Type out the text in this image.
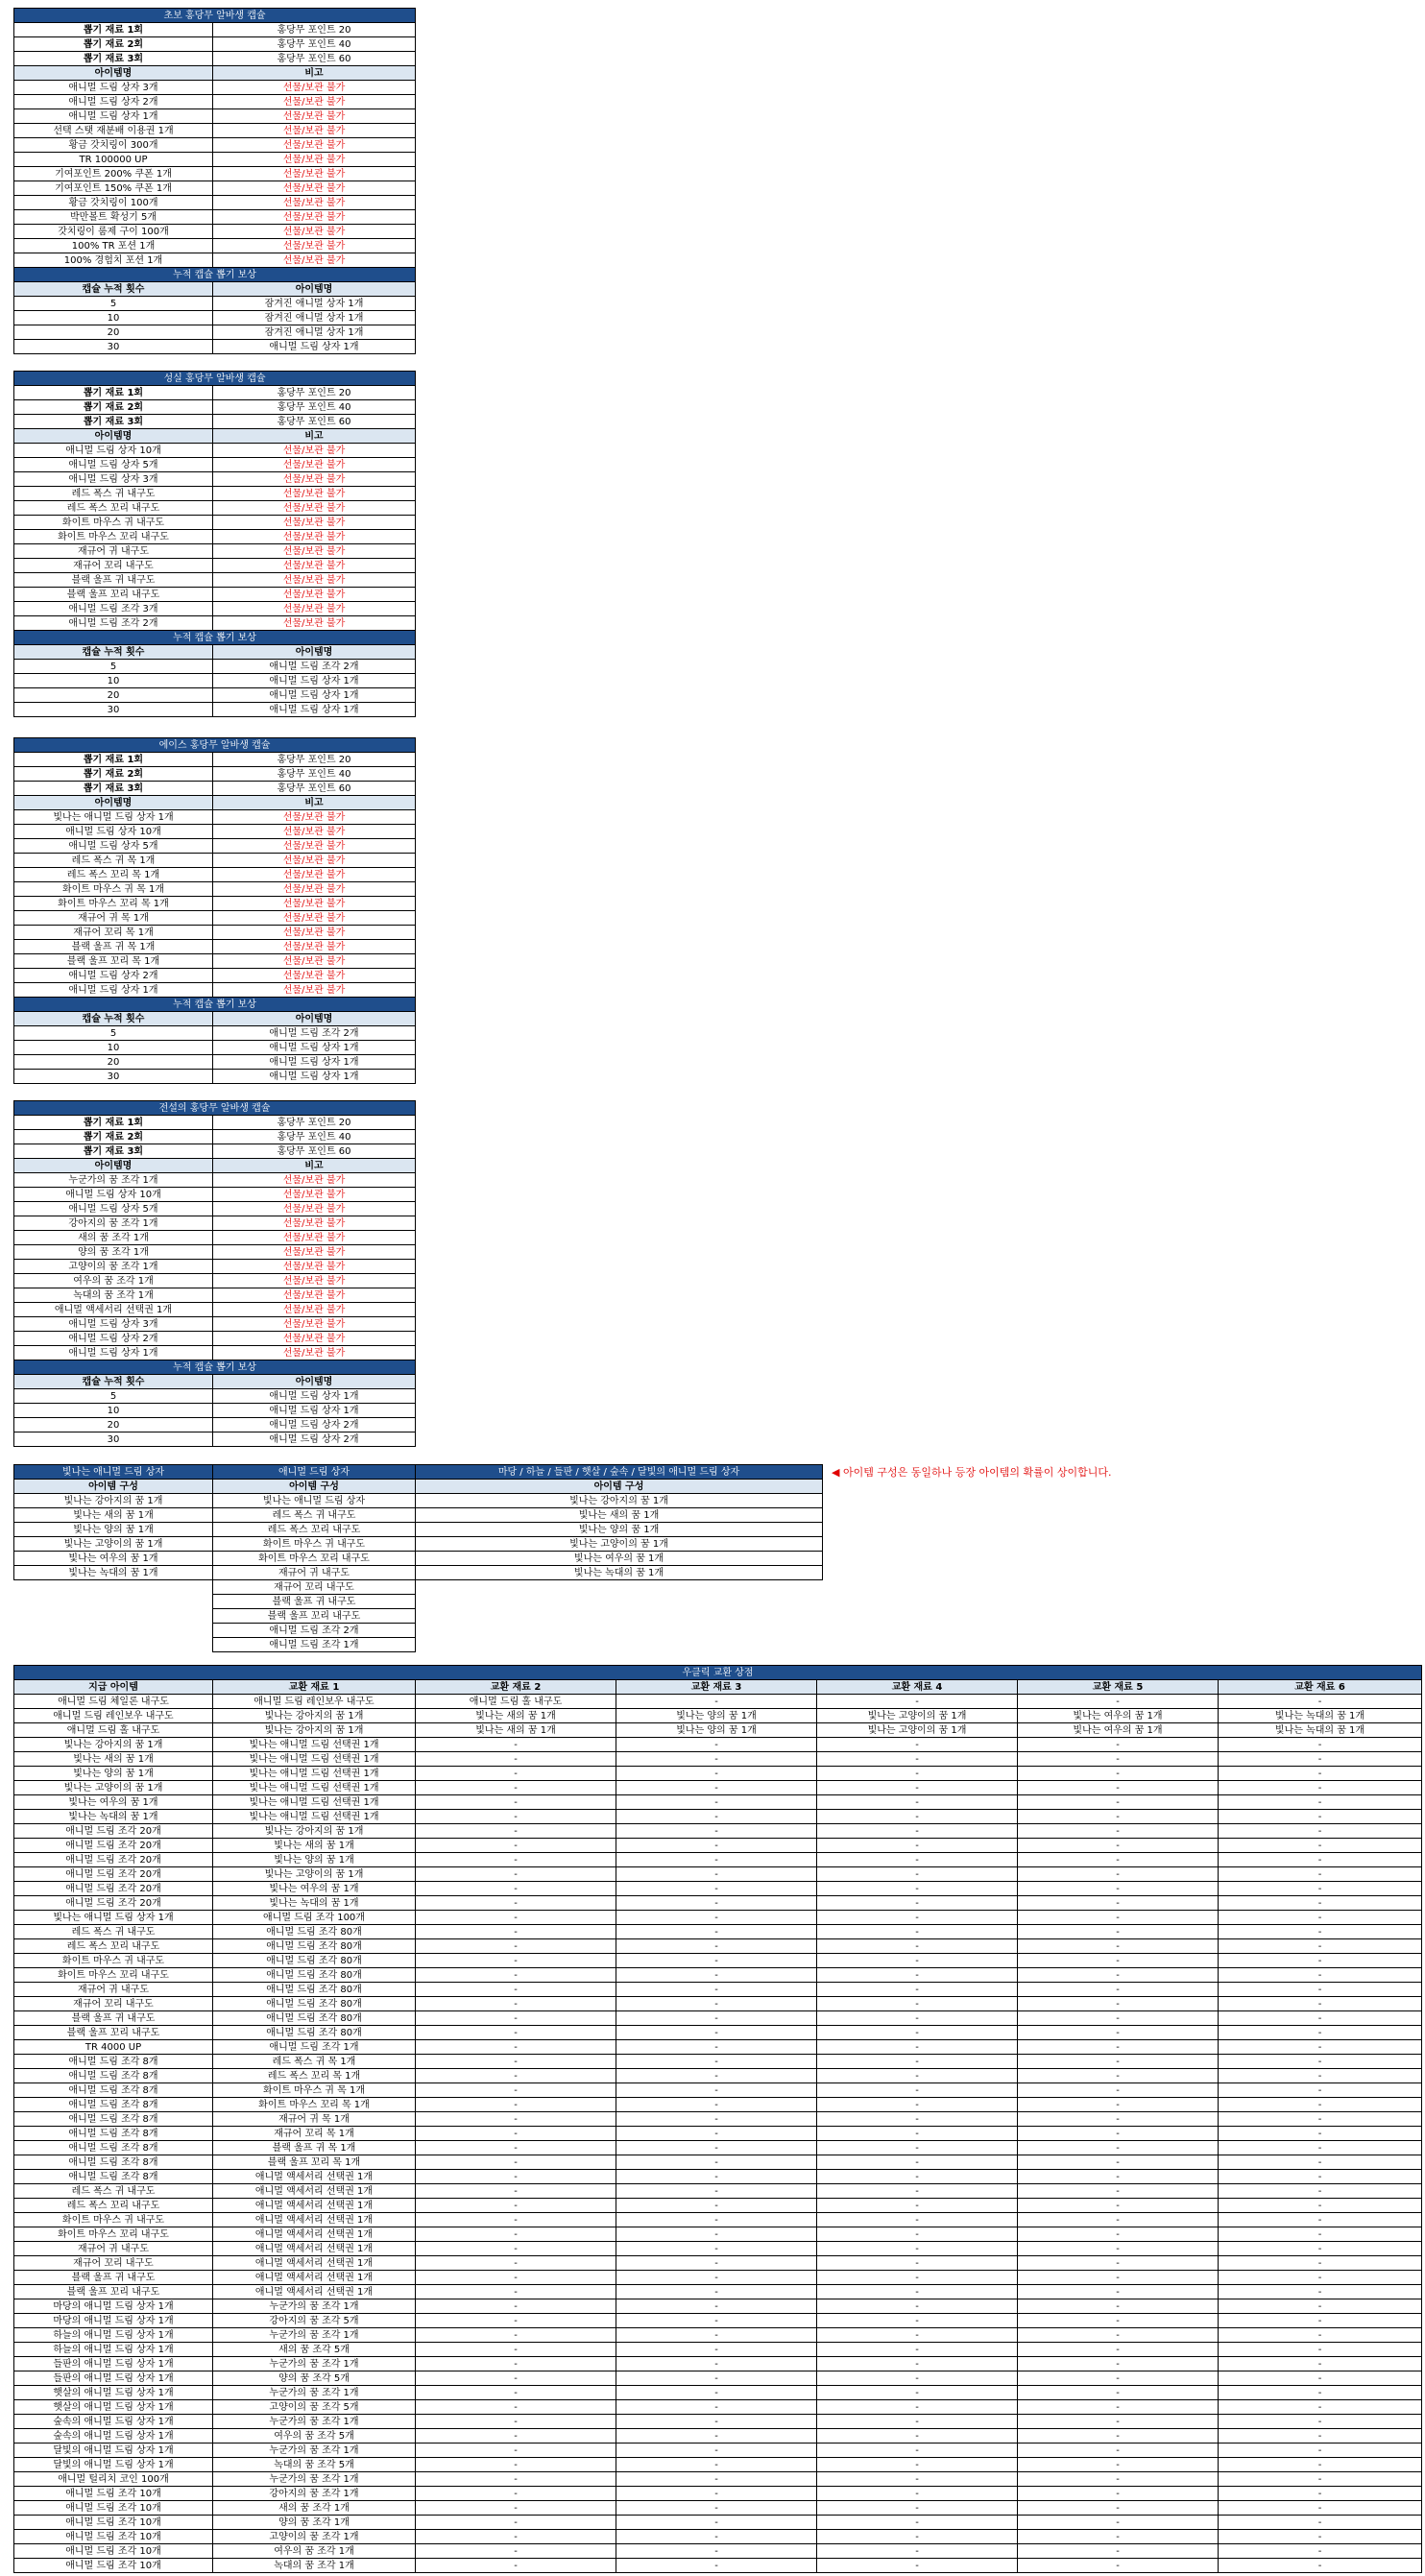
초보 홍당무 알바생 캡슐	
뽑기 재료 1회	홍당무 포인트 20
뽑기 재료 2회	홍당무 포인트 40
뽑기 재료 3회	홍당무 포인트 60
아이템명	비고
애니멀 드림 상자 3개	선물/보관 불가
애니멀 드림 상자 2개	선물/보관 불가
애니멀 드림 상자 1개	선물/보관 불가
선택 스탯 재분배 이용권 1개	선물/보관 불가
황금 갓치링이 300개	선물/보관 불가
TR 100000 UP	선물/보관 불가
기여포인트 200% 쿠폰 1개	선물/보관 불가
기여포인트 150% 쿠폰 1개	선물/보관 불가
황금 갓치링이 100개	선물/보관 불가
박만볼트 확성기 5개	선물/보관 불가
갓치링이 룸제 구이 100개	선물/보관 불가
100% TR 포션 1개	선물/보관 불가
100% 경험치 포션 1개	선물/보관 불가
누적 캡슐 뽑기 보상	
캡슐 누적 횟수	아이템명
5	잠겨진 애니멀 상자 1개
10	잠겨진 애니멀 상자 1개
20	잠겨진 애니멀 상자 1개
30	애니멀 드림 상자 1개
성실 홍당무 알바생 캡슐	
뽑기 재료 1회	홍당무 포인트 20
뽑기 재료 2회	홍당무 포인트 40
뽑기 재료 3회	홍당무 포인트 60
아이템명	비고
애니멀 드림 상자 10개	선물/보관 불가
애니멀 드림 상자 5개	선물/보관 불가
애니멀 드림 상자 3개	선물/보관 불가
레드 폭스 귀 내구도	선물/보관 불가
레드 폭스 꼬리 내구도	선물/보관 불가
화이트 마우스 귀 내구도	선물/보관 불가
화이트 마우스 꼬리 내구도	선물/보관 불가
재규어 귀 내구도	선물/보관 불가
재규어 꼬리 내구도	선물/보관 불가
블랙 울프 귀 내구도	선물/보관 불가
블랙 울프 꼬리 내구도	선물/보관 불가
애니멀 드림 조각 3개	선물/보관 불가
애니멀 드림 조각 2개	선물/보관 불가
누적 캡슐 뽑기 보상	
캡슐 누적 횟수	아이템명
5	애니멀 드림 조각 2개
10	애니멀 드림 상자 1개
20	애니멀 드림 상자 1개
30	애니멀 드림 상자 1개
에이스 홍당무 알바생 캡슐	
뽑기 재료 1회	홍당무 포인트 20
뽑기 재료 2회	홍당무 포인트 40
뽑기 재료 3회	홍당무 포인트 60
아이템명	비고
빛나는 애니멀 드림 상자 1개	선물/보관 불가
애니멀 드림 상자 10개	선물/보관 불가
애니멀 드림 상자 5개	선물/보관 불가
레드 폭스 귀 목 1개	선물/보관 불가
레드 폭스 꼬리 목 1개	선물/보관 불가
화이트 마우스 귀 목 1개	선물/보관 불가
화이트 마우스 꼬리 목 1개	선물/보관 불가
재규어 귀 목 1개	선물/보관 불가
재규어 꼬리 목 1개	선물/보관 불가
블랙 울프 귀 목 1개	선물/보관 불가
블랙 울프 꼬리 목 1개	선물/보관 불가
애니멀 드림 상자 2개	선물/보관 불가
애니멀 드림 상자 1개	선물/보관 불가
누적 캡슐 뽑기 보상	
캡슐 누적 횟수	아이템명
5	애니멀 드림 조각 2개
10	애니멀 드림 상자 1개
20	애니멀 드림 상자 1개
30	애니멀 드림 상자 1개
전설의 홍당무 알바생 캡슐	
뽑기 재료 1회	홍당무 포인트 20
뽑기 재료 2회	홍당무 포인트 40
뽑기 재료 3회	홍당무 포인트 60
아이템명	비고
누군가의 꿈 조각 1개	선물/보관 불가
애니멀 드림 상자 10개	선물/보관 불가
애니멀 드림 상자 5개	선물/보관 불가
강아지의 꿈 조각 1개	선물/보관 불가
새의 꿈 조각 1개	선물/보관 불가
양의 꿈 조각 1개	선물/보관 불가
고양이의 꿈 조각 1개	선물/보관 불가
여우의 꿈 조각 1개	선물/보관 불가
녹대의 꿈 조각 1개	선물/보관 불가
애니멀 액세서리 선택권 1개	선물/보관 불가
애니멀 드림 상자 3개	선물/보관 불가
애니멀 드림 상자 2개	선물/보관 불가
애니멀 드림 상자 1개	선물/보관 불가
누적 캡슐 뽑기 보상	
캡슐 누적 횟수	아이템명
5	애니멀 드림 상자 1개
10	애니멀 드림 상자 1개
20	애니멀 드림 상자 2개
30	애니멀 드림 상자 2개
빛나는 애니멀 드림 상자	애니멀 드림 상자	마당 / 하늘 / 들판 / 햇살 / 숲속 / 달빛의 애니멀 드림 상자
아이템 구성	아이템 구성	아이템 구성
빛나는 강아지의 꿈 1개	빛나는 애니멀 드림 상자	빛나는 강아지의 꿈 1개
빛나는 새의 꿈 1개	레드 폭스 귀 내구도	빛나는 새의 꿈 1개
빛나는 양의 꿈 1개	레드 폭스 꼬리 내구도	빛나는 양의 꿈 1개
빛나는 고양이의 꿈 1개	화이트 마우스 귀 내구도	빛나는 고양이의 꿈 1개
빛나는 여우의 꿈 1개	화이트 마우스 꼬리 내구도	빛나는 여우의 꿈 1개
빛나는 녹대의 꿈 1개	재규어 귀 내구도	빛나는 녹대의 꿈 1개
	재규어 꼬리 내구도	
	블랙 울프 귀 내구도	
	블랙 울프 꼬리 내구도	
	애니멀 드림 조각 2개	
	애니멀 드림 조각 1개	
◀ 아이템 구성은 동일하나 등장 아이템의 확률이 상이합니다.
우클릭 교환 상점						
지급 아이템	교환 재료 1	교환 재료 2	교환 재료 3	교환 재료 4	교환 재료 5	교환 재료 6
애니멀 드림 체일론 내구도	애니멀 드림 레인보우 내구도	애니멀 드림 홀 내구도	-	-	-	-
애니멀 드림 레인보우 내구도	빛나는 강아지의 꿈 1개	빛나는 새의 꿈 1개	빛나는 양의 꿈 1개	빛나는 고양이의 꿈 1개	빛나는 여우의 꿈 1개	빛나는 녹대의 꿈 1개
애니멀 드림 홀 내구도	빛나는 강아지의 꿈 1개	빛나는 새의 꿈 1개	빛나는 양의 꿈 1개	빛나는 고양이의 꿈 1개	빛나는 여우의 꿈 1개	빛나는 녹대의 꿈 1개
빛나는 강아지의 꿈 1개	빛나는 애니멀 드림 선택권 1개	-	-	-	-	-
빛나는 새의 꿈 1개	빛나는 애니멀 드림 선택권 1개	-	-	-	-	-
빛나는 양의 꿈 1개	빛나는 애니멀 드림 선택권 1개	-	-	-	-	-
빛나는 고양이의 꿈 1개	빛나는 애니멀 드림 선택권 1개	-	-	-	-	-
빛나는 여우의 꿈 1개	빛나는 애니멀 드림 선택권 1개	-	-	-	-	-
빛나는 녹대의 꿈 1개	빛나는 애니멀 드림 선택권 1개	-	-	-	-	-
애니멀 드림 조각 20개	빛나는 강아지의 꿈 1개	-	-	-	-	-
애니멀 드림 조각 20개	빛나는 새의 꿈 1개	-	-	-	-	-
애니멀 드림 조각 20개	빛나는 양의 꿈 1개	-	-	-	-	-
애니멀 드림 조각 20개	빛나는 고양이의 꿈 1개	-	-	-	-	-
애니멀 드림 조각 20개	빛나는 여우의 꿈 1개	-	-	-	-	-
애니멀 드림 조각 20개	빛나는 녹대의 꿈 1개	-	-	-	-	-
빛나는 애니멀 드림 상자 1개	애니멀 드림 조각 100개	-	-	-	-	-
레드 폭스 귀 내구도	애니멀 드림 조각 80개	-	-	-	-	-
레드 폭스 꼬리 내구도	애니멀 드림 조각 80개	-	-	-	-	-
화이트 마우스 귀 내구도	애니멀 드림 조각 80개	-	-	-	-	-
화이트 마우스 꼬리 내구도	애니멀 드림 조각 80개	-	-	-	-	-
재규어 귀 내구도	애니멀 드림 조각 80개	-	-	-	-	-
재규어 꼬리 내구도	애니멀 드림 조각 80개	-	-	-	-	-
블랙 울프 귀 내구도	애니멀 드림 조각 80개	-	-	-	-	-
블랙 울프 꼬리 내구도	애니멀 드림 조각 80개	-	-	-	-	-
TR 4000 UP	애니멀 드림 조각 1개	-	-	-	-	-
애니멀 드림 조각 8개	레드 폭스 귀 목 1개	-	-	-	-	-
애니멀 드림 조각 8개	레드 폭스 꼬리 목 1개	-	-	-	-	-
애니멀 드림 조각 8개	화이트 마우스 귀 목 1개	-	-	-	-	-
애니멀 드림 조각 8개	화이트 마우스 꼬리 목 1개	-	-	-	-	-
애니멀 드림 조각 8개	재규어 귀 목 1개	-	-	-	-	-
애니멀 드림 조각 8개	재규어 꼬리 목 1개	-	-	-	-	-
애니멀 드림 조각 8개	블랙 울프 귀 목 1개	-	-	-	-	-
애니멀 드림 조각 8개	블랙 울프 꼬리 목 1개	-	-	-	-	-
애니멀 드림 조각 8개	애니멀 액세서리 선택권 1개	-	-	-	-	-
레드 폭스 귀 내구도	애니멀 액세서리 선택권 1개	-	-	-	-	-
레드 폭스 꼬리 내구도	애니멀 액세서리 선택권 1개	-	-	-	-	-
화이트 마우스 귀 내구도	애니멀 액세서리 선택권 1개	-	-	-	-	-
화이트 마우스 꼬리 내구도	애니멀 액세서리 선택권 1개	-	-	-	-	-
재규어 귀 내구도	애니멀 액세서리 선택권 1개	-	-	-	-	-
재규어 꼬리 내구도	애니멀 액세서리 선택권 1개	-	-	-	-	-
블랙 울프 귀 내구도	애니멀 액세서리 선택권 1개	-	-	-	-	-
블랙 울프 꼬리 내구도	애니멀 액세서리 선택권 1개	-	-	-	-	-
마당의 애니멀 드림 상자 1개	누군가의 꿈 조각 1개	-	-	-	-	-
마당의 애니멀 드림 상자 1개	강아지의 꿈 조각 5개	-	-	-	-	-
하늘의 애니멀 드림 상자 1개	누군가의 꿈 조각 1개	-	-	-	-	-
하늘의 애니멀 드림 상자 1개	새의 꿈 조각 5개	-	-	-	-	-
들판의 애니멀 드림 상자 1개	누군가의 꿈 조각 1개	-	-	-	-	-
들판의 애니멀 드림 상자 1개	양의 꿈 조각 5개	-	-	-	-	-
햇살의 애니멀 드림 상자 1개	누군가의 꿈 조각 1개	-	-	-	-	-
햇살의 애니멀 드림 상자 1개	고양이의 꿈 조각 5개	-	-	-	-	-
숲속의 애니멀 드림 상자 1개	누군가의 꿈 조각 1개	-	-	-	-	-
숲속의 애니멀 드림 상자 1개	여우의 꿈 조각 5개	-	-	-	-	-
달빛의 애니멀 드림 상자 1개	누군가의 꿈 조각 1개	-	-	-	-	-
달빛의 애니멀 드림 상자 1개	녹대의 꿈 조각 5개	-	-	-	-	-
애니멀 털리치 코인 100개	누군가의 꿈 조각 1개	-	-	-	-	-
애니멀 드림 조각 10개	강아지의 꿈 조각 1개	-	-	-	-	-
애니멀 드림 조각 10개	새의 꿈 조각 1개	-	-	-	-	-
애니멀 드림 조각 10개	양의 꿈 조각 1개	-	-	-	-	-
애니멀 드림 조각 10개	고양이의 꿈 조각 1개	-	-	-	-	-
애니멀 드림 조각 10개	여우의 꿈 조각 1개	-	-	-	-	-
애니멀 드림 조각 10개	녹대의 꿈 조각 1개	-	-	-	-	-
